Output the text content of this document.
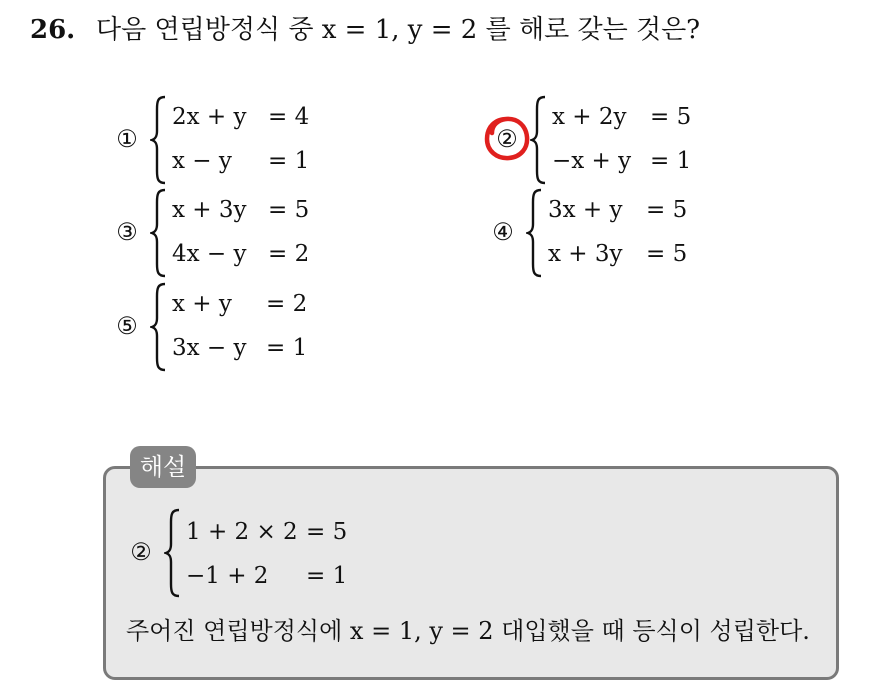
26. 다음 연립방정식 중 x = 1, y = 2 를 해로 갖는 것은?
①
2x + y = 4
x − y = 1
②
x + 2y = 5
−x + y = 1
③
x + 3y = 5
4x − y = 2
④
3x + y = 5
x + 3y = 5
⑤
x + y = 2
3x − y = 1
해설
②
1 + 2 × 2 = 5
−1 + 2 = 1
주어진 연립방정식에 x = 1, y = 2 대입했을 때 등식이 성립한다.
